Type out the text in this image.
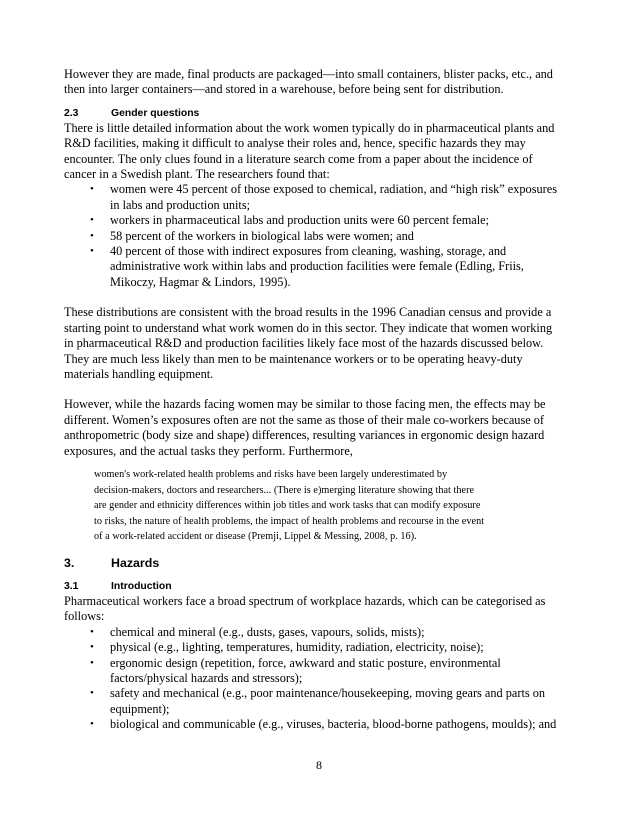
However they are made, final products are packaged—into small containers, blister packs, etc., and then into larger containers—and stored in a warehouse, before being sent for distribution.

2.3	Gender questions

There is little detailed information about the work women typically do in pharmaceutical plants and R&D facilities, making it difficult to analyse their roles and, hence, specific hazards they may encounter. The only clues found in a literature search come from a paper about the incidence of cancer in a Swedish plant. The researchers found that:

• women were 45 percent of those exposed to chemical, radiation, and “high risk” exposures in labs and production units;
• workers in pharmaceutical labs and production units were 60 percent female;
• 58 percent of the workers in biological labs were women; and
• 40 percent of those with indirect exposures from cleaning, washing, storage, and administrative work within labs and production facilities were female (Edling, Friis, Mikoczy, Hagmar & Lindors, 1995).

These distributions are consistent with the broad results in the 1996 Canadian census and provide a starting point to understand what work women do in this sector. They indicate that women working in pharmaceutical R&D and production facilities likely face most of the hazards discussed below. They are much less likely than men to be maintenance workers or to be operating heavy-duty materials handling equipment.

However, while the hazards facing women may be similar to those facing men, the effects may be different. Women’s exposures often are not the same as those of their male co-workers because of anthropometric (body size and shape) differences, resulting variances in ergonomic design hazard exposures, and the actual tasks they perform. Furthermore,

women's work-related health problems and risks have been largely underestimated by
decision-makers, doctors and researchers... (There is e)merging literature showing that there
are gender and ethnicity differences within job titles and work tasks that can modify exposure
to risks, the nature of health problems, the impact of health problems and recourse in the event
of a work-related accident or disease (Premji, Lippel & Messing, 2008, p. 16).
3.	Hazards
3.1	Introduction

Pharmaceutical workers face a broad spectrum of workplace hazards, which can be categorised as follows:

• chemical and mineral (e.g., dusts, gases, vapours, solids, mists);
• physical (e.g., lighting, temperatures, humidity, radiation, electricity, noise);
• ergonomic design (repetition, force, awkward and static posture, environmental factors/physical hazards and stressors);
• safety and mechanical (e.g., poor maintenance/housekeeping, moving gears and parts on equipment);
• biological and communicable (e.g., viruses, bacteria, blood-borne pathogens, moulds); and
8
